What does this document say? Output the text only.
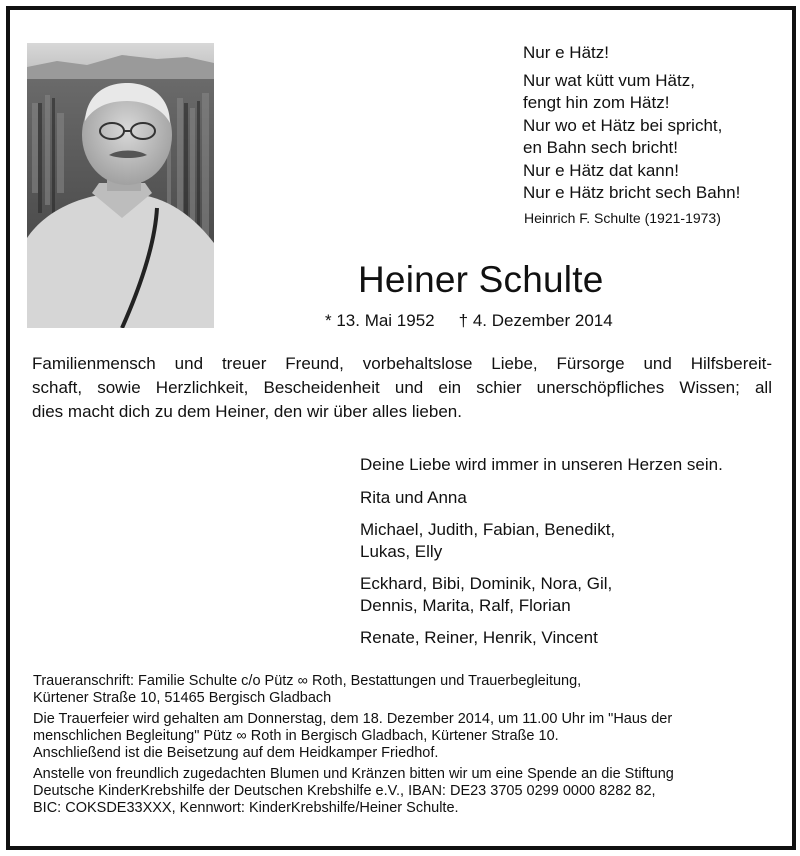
Nur e Hätz!
Nur wat kütt vum Hätz,
fengt hin zom Hätz!
Nur wo et Hätz bei spricht,
en Bahn sech bricht!
Nur e Hätz dat kann!
Nur e Hätz bricht sech Bahn!
Heinrich F. Schulte (1921-1973)
Heiner Schulte
* 13. Mai 1952 † 4. Dezember 2014
Familienmensch und treuer Freund, vorbehaltslose Liebe, Fürsorge und Hilfsbereit-
schaft, sowie Herzlichkeit, Bescheidenheit und ein schier unerschöpfliches Wissen; all
dies macht dich zu dem Heiner, den wir über alles lieben.
Deine Liebe wird immer in unseren Herzen sein.
Rita und Anna
Michael, Judith, Fabian, Benedikt,
Lukas, Elly
Eckhard, Bibi, Dominik, Nora, Gil,
Dennis, Marita, Ralf, Florian
Renate, Reiner, Henrik, Vincent
Traueranschrift: Familie Schulte c/o Pütz ∞ Roth, Bestattungen und Trauerbegleitung,
Kürtener Straße 10, 51465 Bergisch Gladbach
Die Trauerfeier wird gehalten am Donnerstag, dem 18. Dezember 2014, um 11.00 Uhr im "Haus der
menschlichen Begleitung" Pütz ∞ Roth in Bergisch Gladbach, Kürtener Straße 10.
Anschließend ist die Beisetzung auf dem Heidkamper Friedhof.
Anstelle von freundlich zugedachten Blumen und Kränzen bitten wir um eine Spende an die Stiftung
Deutsche KinderKrebshilfe der Deutschen Krebshilfe e.V., IBAN: DE23 3705 0299 0000 8282 82,
BIC: COKSDE33XXX, Kennwort: KinderKrebshilfe/Heiner Schulte.
